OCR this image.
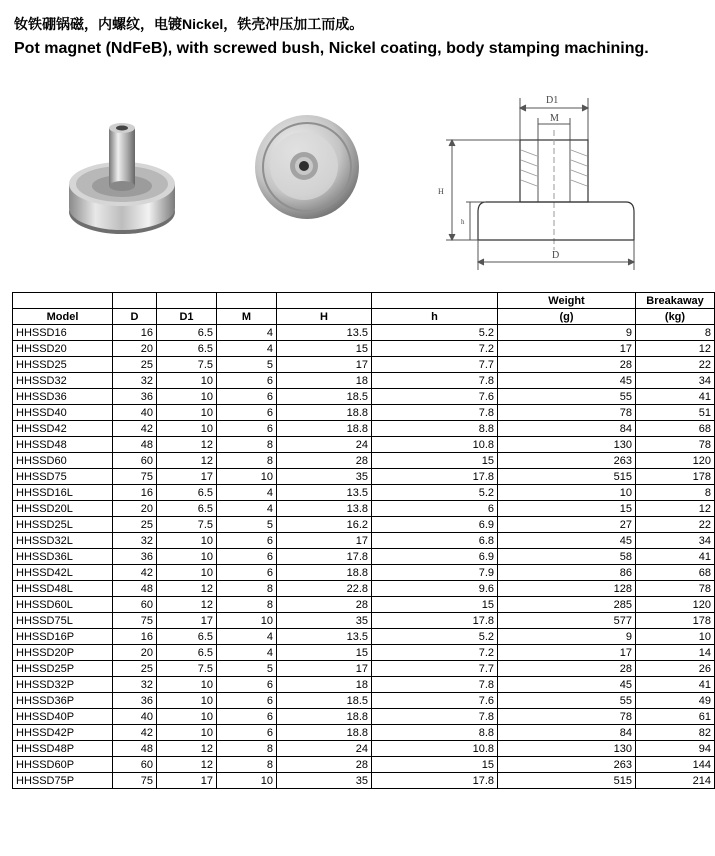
钕铁硼锅磁，内螺纹，电镀Nickel，铁壳冲压加工而成。
Pot magnet (NdFeB), with screwed bush, Nickel coating, body stamping machining.
D1
M
H
h
D
						Weight	Breakaway
Model	D	D1	M	H	h	(g)	(kg)
HHSSD16	16	6.5	4	13.5	5.2	9	8
HHSSD20	20	6.5	4	15	7.2	17	12
HHSSD25	25	7.5	5	17	7.7	28	22
HHSSD32	32	10	6	18	7.8	45	34
HHSSD36	36	10	6	18.5	7.6	55	41
HHSSD40	40	10	6	18.8	7.8	78	51
HHSSD42	42	10	6	18.8	8.8	84	68
HHSSD48	48	12	8	24	10.8	130	78
HHSSD60	60	12	8	28	15	263	120
HHSSD75	75	17	10	35	17.8	515	178
HHSSD16L	16	6.5	4	13.5	5.2	10	8
HHSSD20L	20	6.5	4	13.8	6	15	12
HHSSD25L	25	7.5	5	16.2	6.9	27	22
HHSSD32L	32	10	6	17	6.8	45	34
HHSSD36L	36	10	6	17.8	6.9	58	41
HHSSD42L	42	10	6	18.8	7.9	86	68
HHSSD48L	48	12	8	22.8	9.6	128	78
HHSSD60L	60	12	8	28	15	285	120
HHSSD75L	75	17	10	35	17.8	577	178
HHSSD16P	16	6.5	4	13.5	5.2	9	10
HHSSD20P	20	6.5	4	15	7.2	17	14
HHSSD25P	25	7.5	5	17	7.7	28	26
HHSSD32P	32	10	6	18	7.8	45	41
HHSSD36P	36	10	6	18.5	7.6	55	49
HHSSD40P	40	10	6	18.8	7.8	78	61
HHSSD42P	42	10	6	18.8	8.8	84	82
HHSSD48P	48	12	8	24	10.8	130	94
HHSSD60P	60	12	8	28	15	263	144
HHSSD75P	75	17	10	35	17.8	515	214
